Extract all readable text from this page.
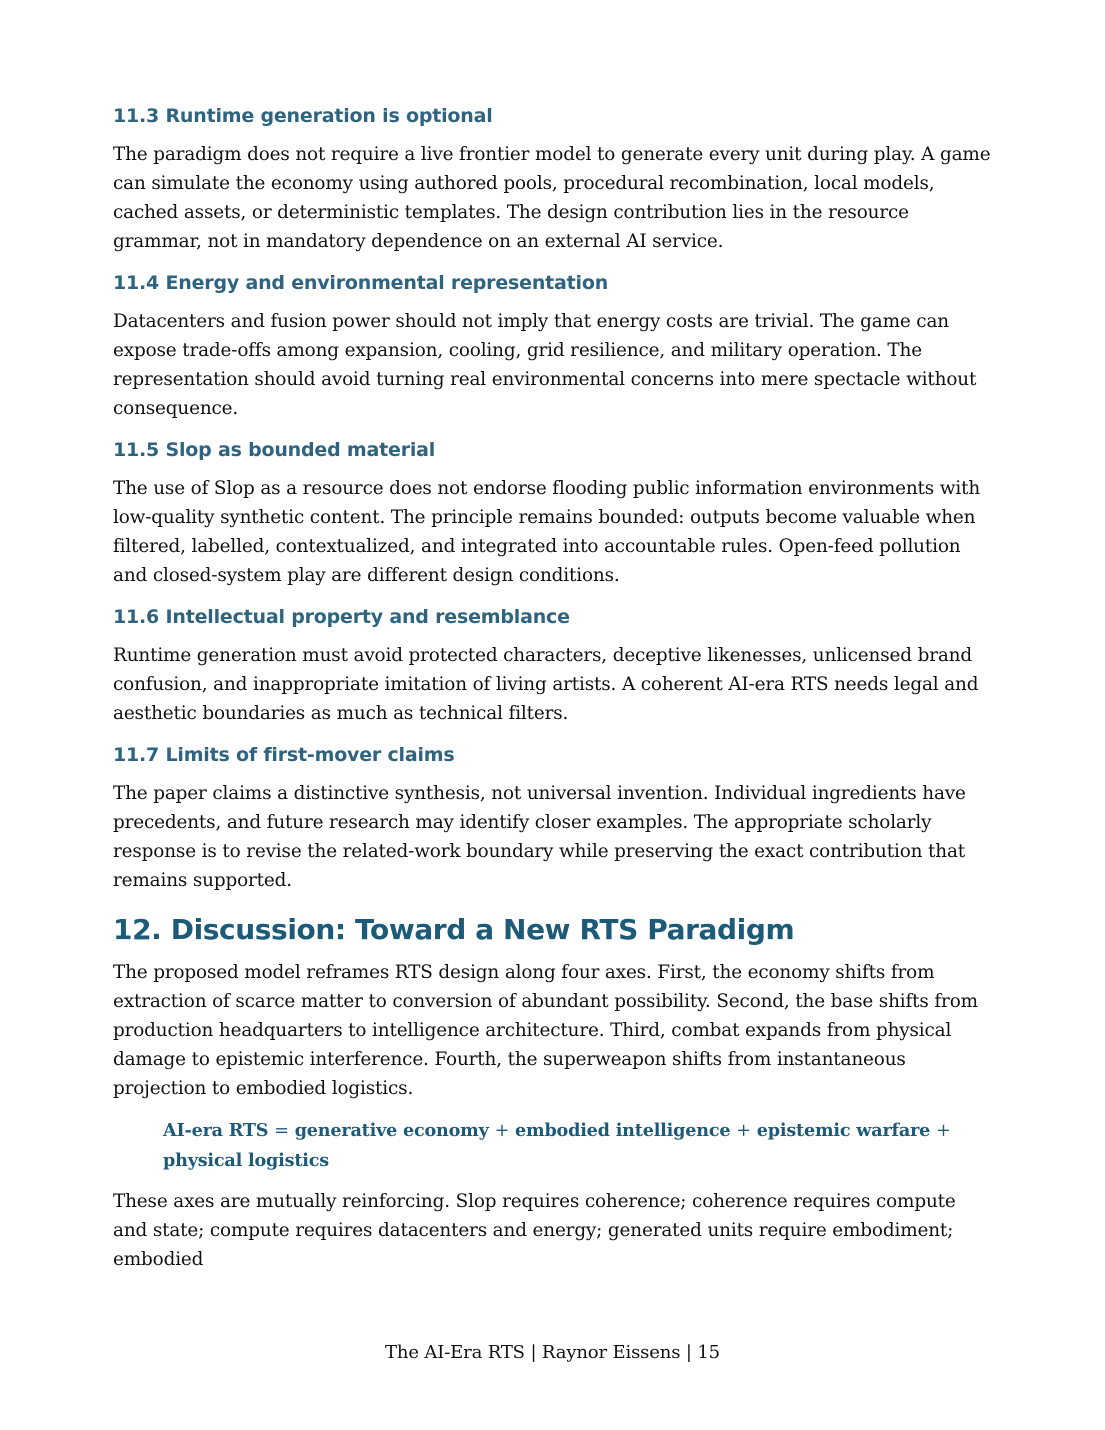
11.3 Runtime generation is optional

The paradigm does not require a live frontier model to generate every unit during play. A game can simulate the economy using authored pools, procedural recombination, local models, cached assets, or deterministic templates. The design contribution lies in the resource grammar, not in mandatory dependence on an external AI service.

11.4 Energy and environmental representation

Datacenters and fusion power should not imply that energy costs are trivial. The game can expose trade-offs among expansion, cooling, grid resilience, and military operation. The representation should avoid turning real environmental concerns into mere spectacle without consequence.

11.5 Slop as bounded material

The use of Slop as a resource does not endorse flooding public information environments with low-quality synthetic content. The principle remains bounded: outputs become valuable when filtered, labelled, contextualized, and integrated into accountable rules. Open-feed pollution and closed-system play are different design conditions.

11.6 Intellectual property and resemblance

Runtime generation must avoid protected characters, deceptive likenesses, unlicensed brand confusion, and inappropriate imitation of living artists. A coherent AI-era RTS needs legal and aesthetic boundaries as much as technical filters.

11.7 Limits of first-mover claims

The paper claims a distinctive synthesis, not universal invention. Individual ingredients have precedents, and future research may identify closer examples. The appropriate scholarly response is to revise the related-work boundary while preserving the exact contribution that remains supported.

12. Discussion: Toward a New RTS Paradigm

The proposed model reframes RTS design along four axes. First, the economy shifts from extraction of scarce matter to conversion of abundant possibility. Second, the base shifts from production headquarters to intelligence architecture. Third, combat expands from physical damage to epistemic interference. Fourth, the superweapon shifts from instantaneous projection to embodied logistics.

AI-era RTS = generative economy + embodied intelligence + epistemic warfare + physical logistics

These axes are mutually reinforcing. Slop requires coherence; coherence requires compute and state; compute requires datacenters and energy; generated units require embodiment; embodied

The AI-Era RTS | Raynor Eissens | 15
